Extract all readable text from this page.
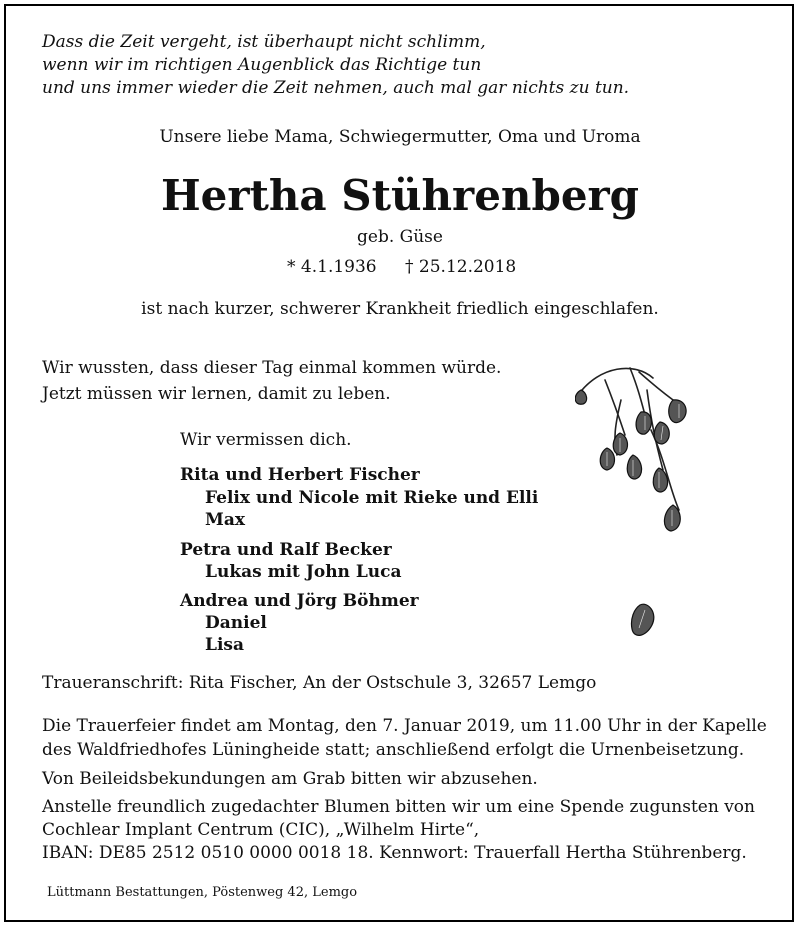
Dass die Zeit vergeht, ist überhaupt nicht schlimm,
wenn wir im richtigen Augenblick das Richtige tun
und uns immer wieder die Zeit nehmen, auch mal gar nichts zu tun.
Unsere liebe Mama, Schwiegermutter, Oma und Uroma
Hertha Stührenberg
geb. Güse
* 4.1.1936 † 25.12.2018
ist nach kurzer, schwerer Krankheit friedlich eingeschlafen.
Wir wussten, dass dieser Tag einmal kommen würde.
Jetzt müssen wir lernen, damit zu leben.
Wir vermissen dich.
Rita und Herbert Fischer
Felix und Nicole mit Rieke und Elli
Max
Petra und Ralf Becker
Lukas mit John Luca
Andrea und Jörg Böhmer
Daniel
Lisa
Traueranschrift: Rita Fischer, An der Ostschule 3, 32657 Lemgo
Die Trauerfeier findet am Montag, den 7. Januar 2019, um 11.00 Uhr in der Kapelle
des Waldfriedhofes Lüningheide statt; anschließend erfolgt die Urnenbeisetzung.
Von Beileidsbekundungen am Grab bitten wir abzusehen.
Anstelle freundlich zugedachter Blumen bitten wir um eine Spende zugunsten von
Cochlear Implant Centrum (CIC), „Wilhelm Hirte“,
IBAN: DE85 2512 0510 0000 0018 18. Kennwort: Trauerfall Hertha Stührenberg.
Lüttmann Bestattungen, Pöstenweg 42, Lemgo
